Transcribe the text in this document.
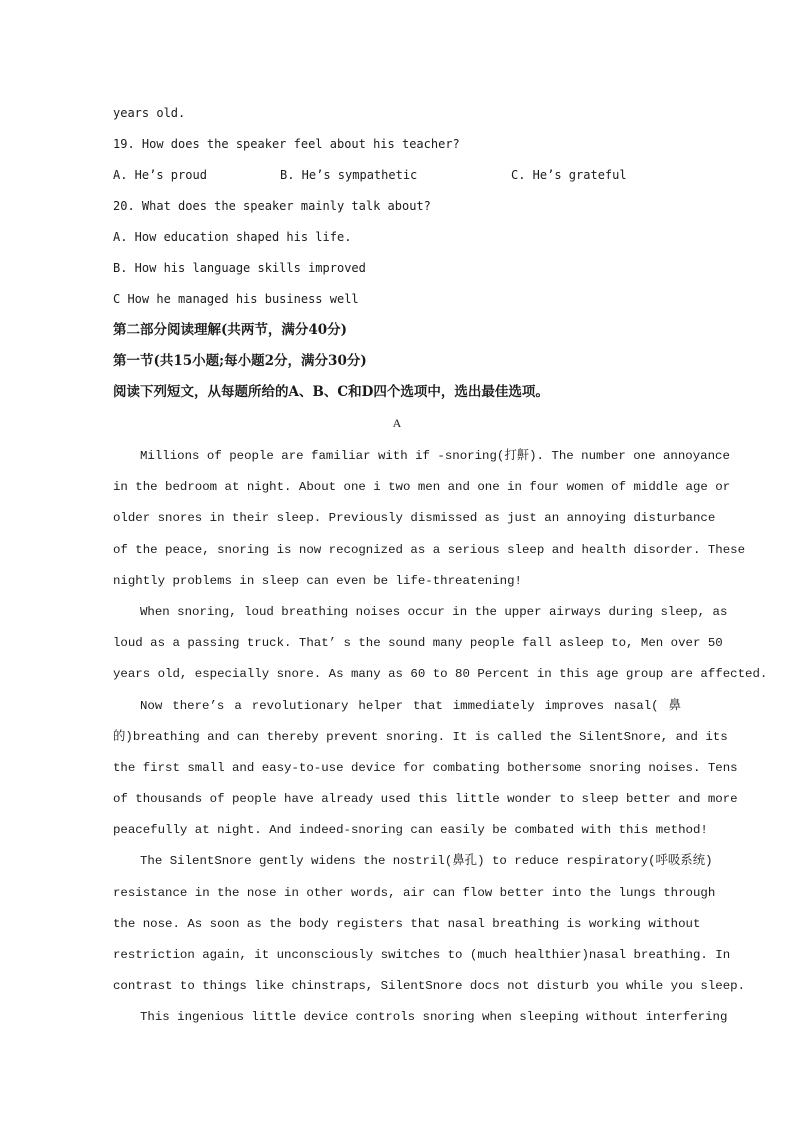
years old.
19. How does the speaker feel about his teacher?
A. He’s proud	B. He’s sympathetic	C. He’s grateful
20. What does the speaker mainly talk about?
A. How education shaped his life.
B. How his language skills improved
C How he managed his business well
第二部分阅读理解(共两节，满分40分)
第一节(共15小题;每小题2分，满分30分)
阅读下列短文，从每题所给的A、B、C和D四个选项中，选出最佳选项。
A
Millions of people are familiar with if -snoring(打鼾). The number one annoyance
in the bedroom at night. About one i two men and one in four women of middle age or
older snores in their sleep. Previously dismissed as just an annoying disturbance
of the peace, snoring is now recognized as a serious sleep and health disorder. These
nightly problems in sleep can even be life-threatening!
When snoring, loud breathing noises occur in the upper airways during sleep, as
loud as a passing truck. That’ s the sound many people fall asleep to, Men over 50
years old, especially snore. As many as 60 to 80 Percent in this age group are affected.
Now there’s a revolutionary helper that immediately improves nasal( 鼻
的)breathing and can thereby prevent snoring. It is called the SilentSnore, and its
the first small and easy-to-use device for combating bothersome snoring noises. Tens
of thousands of people have already used this little wonder to sleep better and more
peacefully at night. And indeed-snoring can easily be combated with this method!
The SilentSnore gently widens the nostril(鼻孔) to reduce respiratory(呼吸系统)
resistance in the nose in other words, air can flow better into the lungs through
the nose. As soon as the body registers that nasal breathing is working without
restriction again, it unconsciously switches to (much healthier)nasal breathing. In
contrast to things like chinstraps, SilentSnore docs not disturb you while you sleep.
This ingenious little device controls snoring when sleeping without interfering
